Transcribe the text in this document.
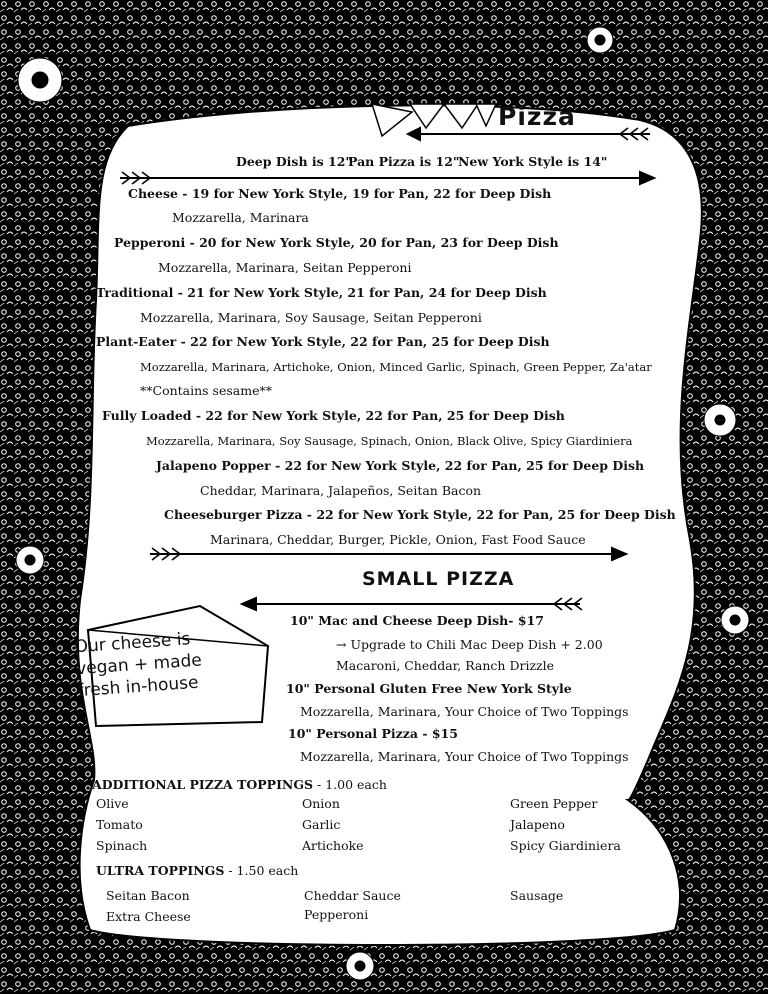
Pizza
Deep Dish is 12"
Pan Pizza is 12"
New York Style is 14"
Cheese - 19 for New York Style, 19 for Pan, 22 for Deep Dish
Mozzarella, Marinara
Pepperoni - 20 for New York Style, 20 for Pan, 23 for Deep Dish
Mozzarella, Marinara, Seitan Pepperoni
Traditional - 21 for New York Style, 21 for Pan, 24 for Deep Dish
Mozzarella, Marinara, Soy Sausage, Seitan Pepperoni
Plant-Eater - 22 for New York Style, 22 for Pan, 25 for Deep Dish
Mozzarella, Marinara, Artichoke, Onion, Minced Garlic, Spinach, Green Pepper, Za'atar
**Contains sesame**
Fully Loaded - 22 for New York Style, 22 for Pan, 25 for Deep Dish
Mozzarella, Marinara, Soy Sausage, Spinach, Onion, Black Olive, Spicy Giardiniera
Jalapeno Popper - 22 for New York Style, 22 for Pan, 25 for Deep Dish
Cheddar, Marinara, Jalapeños, Seitan Bacon
Cheeseburger Pizza - 22 for New York Style, 22 for Pan, 25 for Deep Dish
Marinara, Cheddar, Burger, Pickle, Onion, Fast Food Sauce
SMALL PIZZA
10" Mac and Cheese Deep Dish- $17
→ Upgrade to Chili Mac Deep Dish + 2.00
Macaroni, Cheddar, Ranch Drizzle
10" Personal Gluten Free New York Style
Mozzarella, Marinara, Your Choice of Two Toppings
10" Personal Pizza - $15
Mozzarella, Marinara, Your Choice of Two Toppings
Our cheese is
vegan + made
fresh in-house
ADDITIONAL PIZZA TOPPINGS - 1.00 each
Olive	Onion	Green Pepper
Tomato	Garlic	Jalapeno
Spinach	Artichoke	Spicy Giardiniera
ULTRA TOPPINGS - 1.50 each
Seitan Bacon	Cheddar Sauce	Sausage
Extra Cheese	Pepperoni
